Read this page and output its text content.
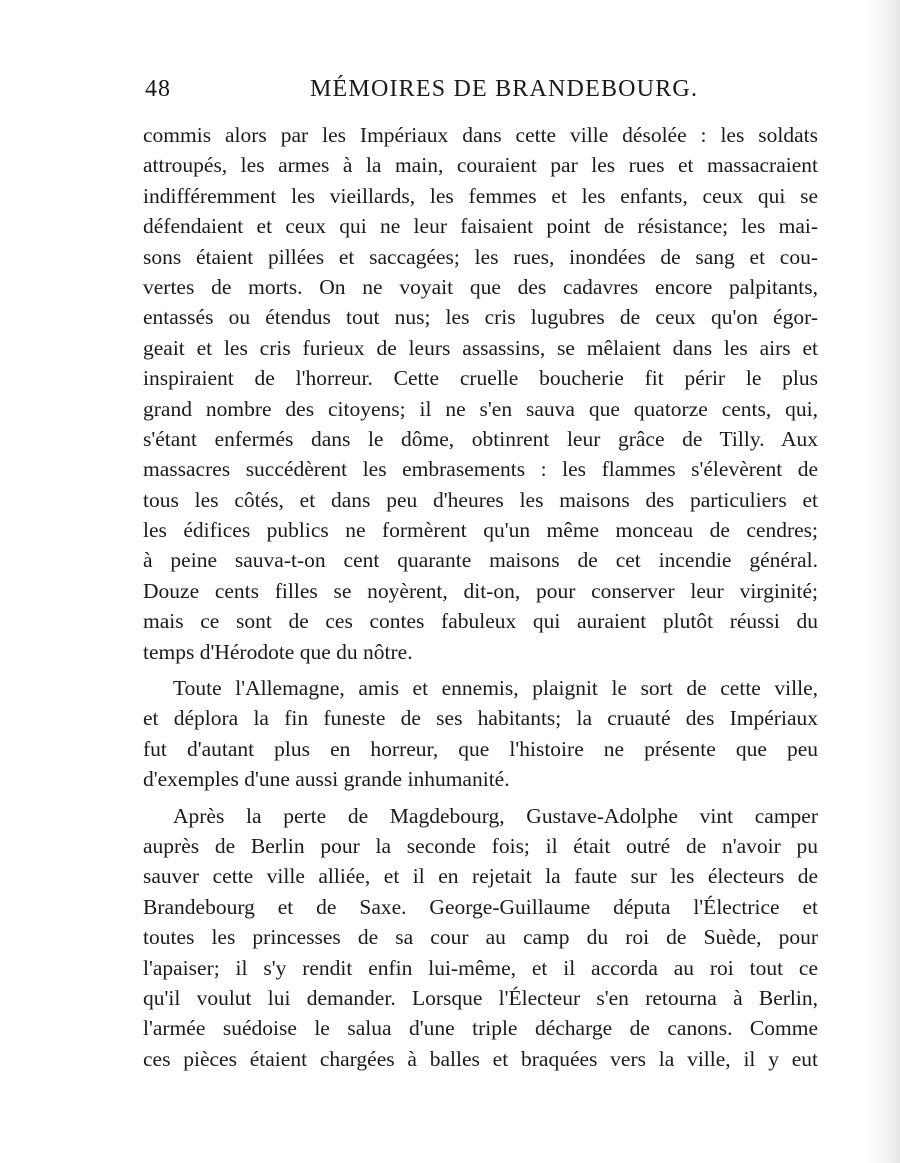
48	MÉMOIRES DE BRANDEBOURG.
commis alors par les Impériaux dans cette ville désolée : les soldats
attroupés, les armes à la main, couraient par les rues et massacraient
indifféremment les vieillards, les femmes et les enfants, ceux qui se
défendaient et ceux qui ne leur faisaient point de résistance; les mai-
sons étaient pillées et saccagées; les rues, inondées de sang et cou-
vertes de morts. On ne voyait que des cadavres encore palpitants,
entassés ou étendus tout nus; les cris lugubres de ceux qu'on égor-
geait et les cris furieux de leurs assassins, se mêlaient dans les airs et
inspiraient de l'horreur. Cette cruelle boucherie fit périr le plus
grand nombre des citoyens; il ne s'en sauva que quatorze cents, qui,
s'étant enfermés dans le dôme, obtinrent leur grâce de Tilly. Aux
massacres succédèrent les embrasements : les flammes s'élevèrent de
tous les côtés, et dans peu d'heures les maisons des particuliers et
les édifices publics ne formèrent qu'un même monceau de cendres;
à peine sauva-t-on cent quarante maisons de cet incendie général.
Douze cents filles se noyèrent, dit-on, pour conserver leur virginité;
mais ce sont de ces contes fabuleux qui auraient plutôt réussi du
temps d'Hérodote que du nôtre.
Toute l'Allemagne, amis et ennemis, plaignit le sort de cette ville,
et déplora la fin funeste de ses habitants; la cruauté des Impériaux
fut d'autant plus en horreur, que l'histoire ne présente que peu
d'exemples d'une aussi grande inhumanité.
Après la perte de Magdebourg, Gustave-Adolphe vint camper
auprès de Berlin pour la seconde fois; il était outré de n'avoir pu
sauver cette ville alliée, et il en rejetait la faute sur les électeurs de
Brandebourg et de Saxe. George-Guillaume députa l'Électrice et
toutes les princesses de sa cour au camp du roi de Suède, pour
l'apaiser; il s'y rendit enfin lui-même, et il accorda au roi tout ce
qu'il voulut lui demander. Lorsque l'Électeur s'en retourna à Berlin,
l'armée suédoise le salua d'une triple décharge de canons. Comme
ces pièces étaient chargées à balles et braquées vers la ville, il y eut
